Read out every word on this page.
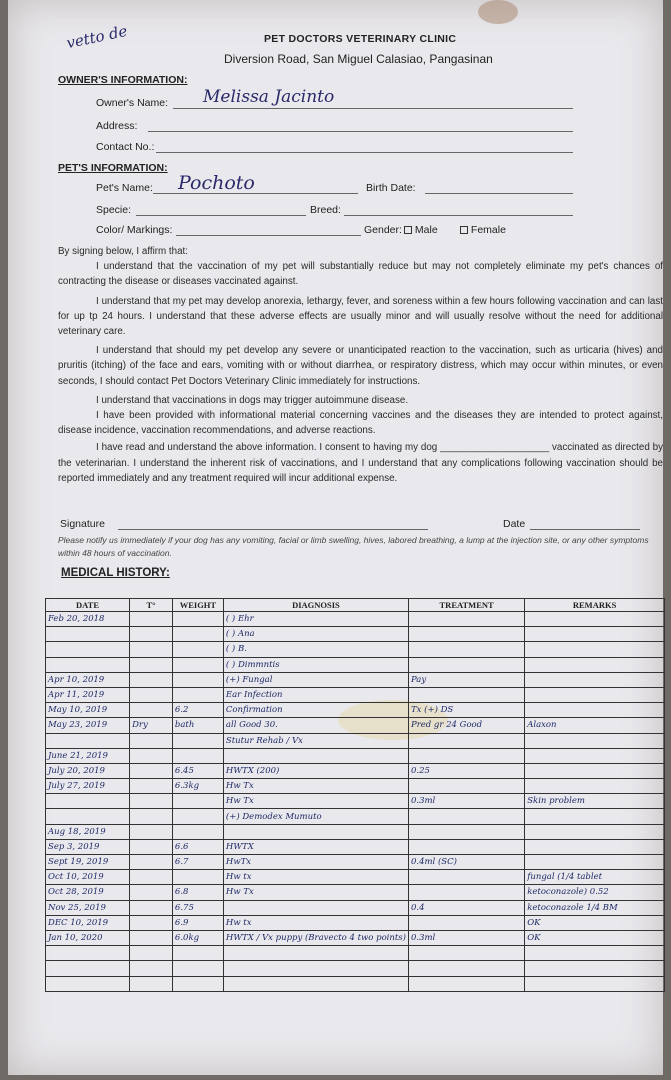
vetto de	PET DOCTORS VETERINARY CLINIC
Diversion Road, San Miguel Calasiao, Pangasinan
OWNER'S INFORMATION:
Owner's Name: Melissa Jacinto
Address:
Contact No.:
PET'S INFORMATION:
Pet's Name: Pochoto	Birth Date:
Specie:	Breed:
Color/ Markings:	Gender:	Male	Female
By signing below, I affirm that:

I understand that the vaccination of my pet will substantially reduce but may not completely eliminate my pet's chances of contracting the disease or diseases vaccinated against.

I understand that my pet may develop anorexia, lethargy, fever, and soreness within a few hours following vaccination and can last for up tp 24 hours. I understand that these adverse effects are usually minor and will usually resolve without the need for additional veterinary care.

I understand that should my pet develop any severe or unanticipated reaction to the vaccination, such as urticaria (hives) and pruritis (itching) of the face and ears, vomiting with or without diarrhea, or respiratory distress, which may occur within minutes, or even seconds, I should contact Pet Doctors Veterinary Clinic immediately for instructions.

I understand that vaccinations in dogs may trigger autoimmune disease.

I have been provided with informational material concerning vaccines and the diseases they are intended to protect against, disease incidence, vaccination recommendations, and adverse reactions.

I have read and understand the above information. I consent to having my dog ____________________ vaccinated as directed by the veterinarian. I understand the inherent risk of vaccinations, and I understand that any complications following vaccination should be reported immediately and any treatment required will incur additional expense.

Signature	Date
Please notify us immediately if your dog has any vomiting, facial or limb swelling, hives, labored breathing, a lump at the injection site, or any other symptoms within 48 hours of vaccination.
MEDICAL HISTORY:
DATE	T°	WEIGHT	DIAGNOSIS	TREATMENT	REMARKS
Feb 20, 2018			( ) Ehr		
			( ) Ana		
			( ) B.		
			( ) Dimmntis		
Apr 10, 2019			(+) Fungal	Pay	
Apr 11, 2019			Ear Infection		
May 10, 2019		6.2	Confirmation	Tx (+) DS	
May 23, 2019	Dry	bath	all Good 30.	Pred gr 24 Good	Alaxon
			Stutur Rehab / Vx		
June 21, 2019					
July 20, 2019		6.45	HWTX (200)	0.25	
July 27, 2019		6.3kg	Hw Tx		
			Hw Tx	0.3ml	Skin problem
			(+) Demodex Mumuto		
Aug 18, 2019					
Sep 3, 2019		6.6	HWTX		
Sept 19, 2019		6.7	HwTx	0.4ml (SC)	
Oct 10, 2019			Hw tx		fungal (1/4 tablet
Oct 28, 2019		6.8	Hw Tx		ketoconazole) 0.52
Nov 25, 2019		6.75		0.4	ketoconazole 1/4 BM
DEC 10, 2019		6.9	Hw tx		OK
Jan 10, 2020		6.0kg	HWTX / Vx puppy (Bravecto 4 two points)	0.3ml	OK
